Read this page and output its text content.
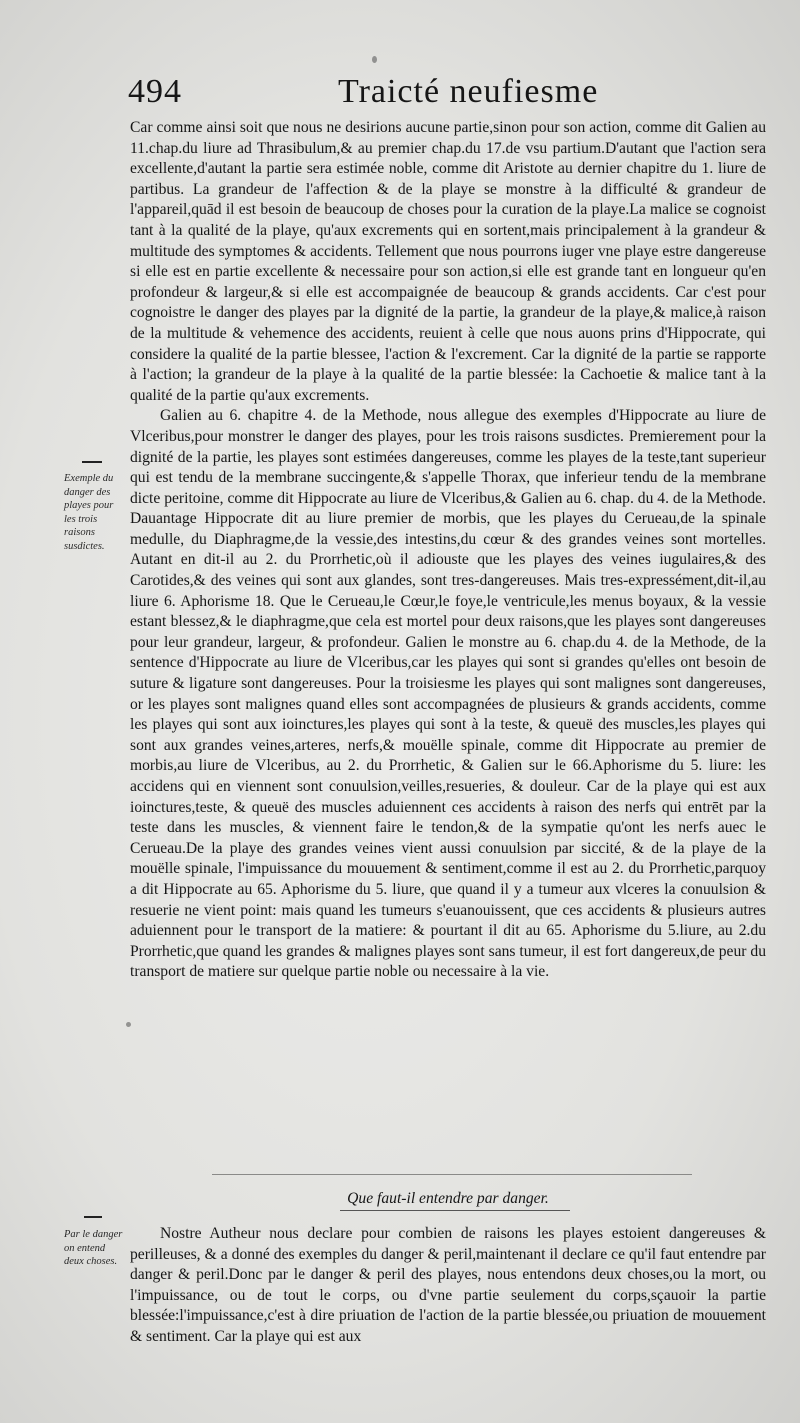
494	Traicté neufiesme

Car comme ainsi soit que nous ne desirions aucune partie,sinon pour son action, comme dit Galien au 11.chap.du liure ad Thrasibulum,& au premier chap.du 17.de vsu partium.D'autant que l'action sera excellente,d'autant la partie sera estimée noble, comme dit Aristote au dernier chapitre du 1. liure de partibus. La grandeur de l'affection & de la playe se monstre à la difficulté & grandeur de l'appareil,quād il est besoin de beaucoup de choses pour la curation de la playe.La malice se cognoist tant à la qualité de la playe, qu'aux excrements qui en sortent,mais principalement à la grandeur & multitude des symptomes & accidents. Tellement que nous pourrons iuger vne playe estre dangereuse si elle est en partie excellente & necessaire pour son action,si elle est grande tant en longueur qu'en profondeur & largeur,& si elle est accompaignée de beaucoup & grands accidents. Car c'est pour cognoistre le danger des playes par la dignité de la partie, la grandeur de la playe,& malice,à raison de la multitude & vehemence des accidents, reuient à celle que nous auons prins d'Hippocrate, qui considere la qualité de la partie blessee, l'action & l'excrement. Car la dignité de la partie se rapporte à l'action; la grandeur de la playe à la qualité de la partie blessée: la Cachoetie & malice tant à la qualité de la partie qu'aux excrements.

Galien au 6. chapitre 4. de la Methode, nous allegue des exemples d'Hippocrate au liure de Vlceribus,pour monstrer le danger des playes, pour les trois raisons susdictes. Premierement pour la dignité de la partie, les playes sont estimées dangereuses, comme les playes de la teste,tant superieur qui est tendu de la membrane succingente,& s'appelle Thorax, que inferieur tendu de la membrane dicte peritoine, comme dit Hippocrate au liure de Vlceribus,& Galien au 6. chap. du 4. de la Methode. Dauantage Hippocrate dit au liure premier de morbis, que les playes du Cerueau,de la spinale medulle, du Diaphragme,de la vessie,des intestins,du cœur & des grandes veines sont mortelles. Autant en dit-il au 2. du Prorrhetic,où il adiouste que les playes des veines iugulaires,& des Carotides,& des veines qui sont aux glandes, sont tres-dangereuses. Mais tres-expressément,dit-il,au liure 6. Aphorisme 18. Que le Cerueau,le Cœur,le foye,le ventricule,les menus boyaux, & la vessie estant blessez,& le diaphragme,que cela est mortel pour deux raisons,que les playes sont dangereuses pour leur grandeur, largeur, & profondeur. Galien le monstre au 6. chap.du 4. de la Methode, de la sentence d'Hippocrate au liure de Vlceribus,car les playes qui sont si grandes qu'elles ont besoin de suture & ligature sont dangereuses. Pour la troisiesme les playes qui sont malignes sont dangereuses, or les playes sont malignes quand elles sont accompagnées de plusieurs & grands accidents, comme les playes qui sont aux ioinctures,les playes qui sont à la teste, & queuë des muscles,les playes qui sont aux grandes veines,arteres, nerfs,& mouëlle spinale, comme dit Hippocrate au premier de morbis,au liure de Vlceribus, au 2. du Prorrhetic, & Galien sur le 66.Aphorisme du 5. liure: les accidens qui en viennent sont conuulsion,veilles,resueries, & douleur. Car de la playe qui est aux ioinctures,teste, & queuë des muscles aduiennent ces accidents à raison des nerfs qui entrēt par la teste dans les muscles, & viennent faire le tendon,& de la sympatie qu'ont les nerfs auec le Cerueau.De la playe des grandes veines vient aussi conuulsion par siccité, & de la playe de la mouëlle spinale, l'impuissance du mouuement & sentiment,comme il est au 2. du Prorrhetic,parquoy a dit Hippocrate au 65. Aphorisme du 5. liure, que quand il y a tumeur aux vlceres la conuulsion & resuerie ne vient point: mais quand les tumeurs s'euanouissent, que ces accidents & plusieurs autres aduiennent pour le transport de la matiere: & pourtant il dit au 65. Aphorisme du 5.liure, au 2.du Prorrhetic,que quand les grandes & malignes playes sont sans tumeur, il est fort dangereux,de peur du transport de matiere sur quelque partie noble ou necessaire à la vie.

Exemple du danger des playes pour les trois raisons susdictes.
Que faut-il entendre par danger.
Par le danger on entend deux choses.

Nostre Autheur nous declare pour combien de raisons les playes estoient dangereuses & perilleuses, & a donné des exemples du danger & peril,maintenant il declare ce qu'il faut entendre par danger & peril.Donc par le danger & peril des playes, nous entendons deux choses,ou la mort, ou l'impuissance, ou de tout le corps, ou d'vne partie seulement du corps,sçauoir la partie blessée:l'impuissance,c'est à dire priuation de l'action de la partie blessée,ou priuation de mouuement & sentiment. Car la playe qui est aux
